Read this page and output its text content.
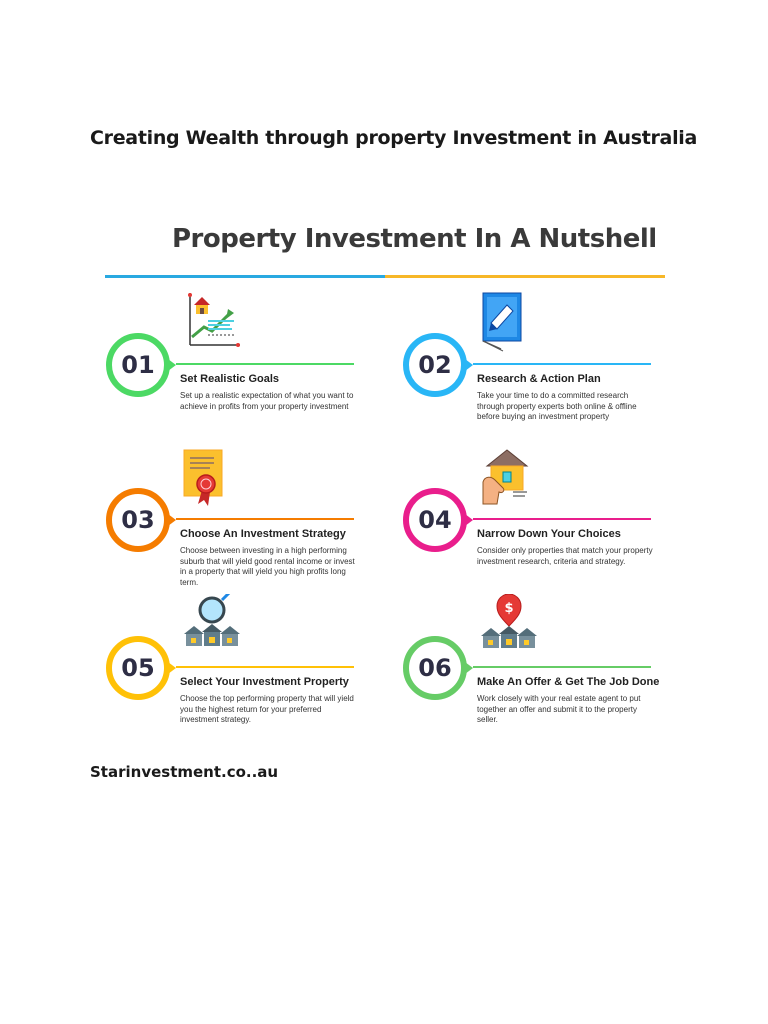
Creating Wealth through property Investment in Australia
Property Investment In A Nutshell
01	Set Realistic Goals

Set up a realistic expectation of what you want to achieve in profits from your property investment

02	Research & Action Plan

Take your time to do a committed research through property experts both online & offline before buying an investment property

03	Choose An Investment Strategy

Choose between investing in a high performing suburb that will yield good rental income or invest in a property that will yield you high profits long term.

04	Narrow Down Your Choices

Consider only properties that match your property investment research, criteria and strategy.

05	Select Your Investment Property

Choose the top performing property that will yield you the highest return for your preferred investment strategy.

$
06	Make An Offer & Get The Job Done

Work closely with your real estate agent to put together an offer and submit it to the property seller.

Starinvestment.co..au
